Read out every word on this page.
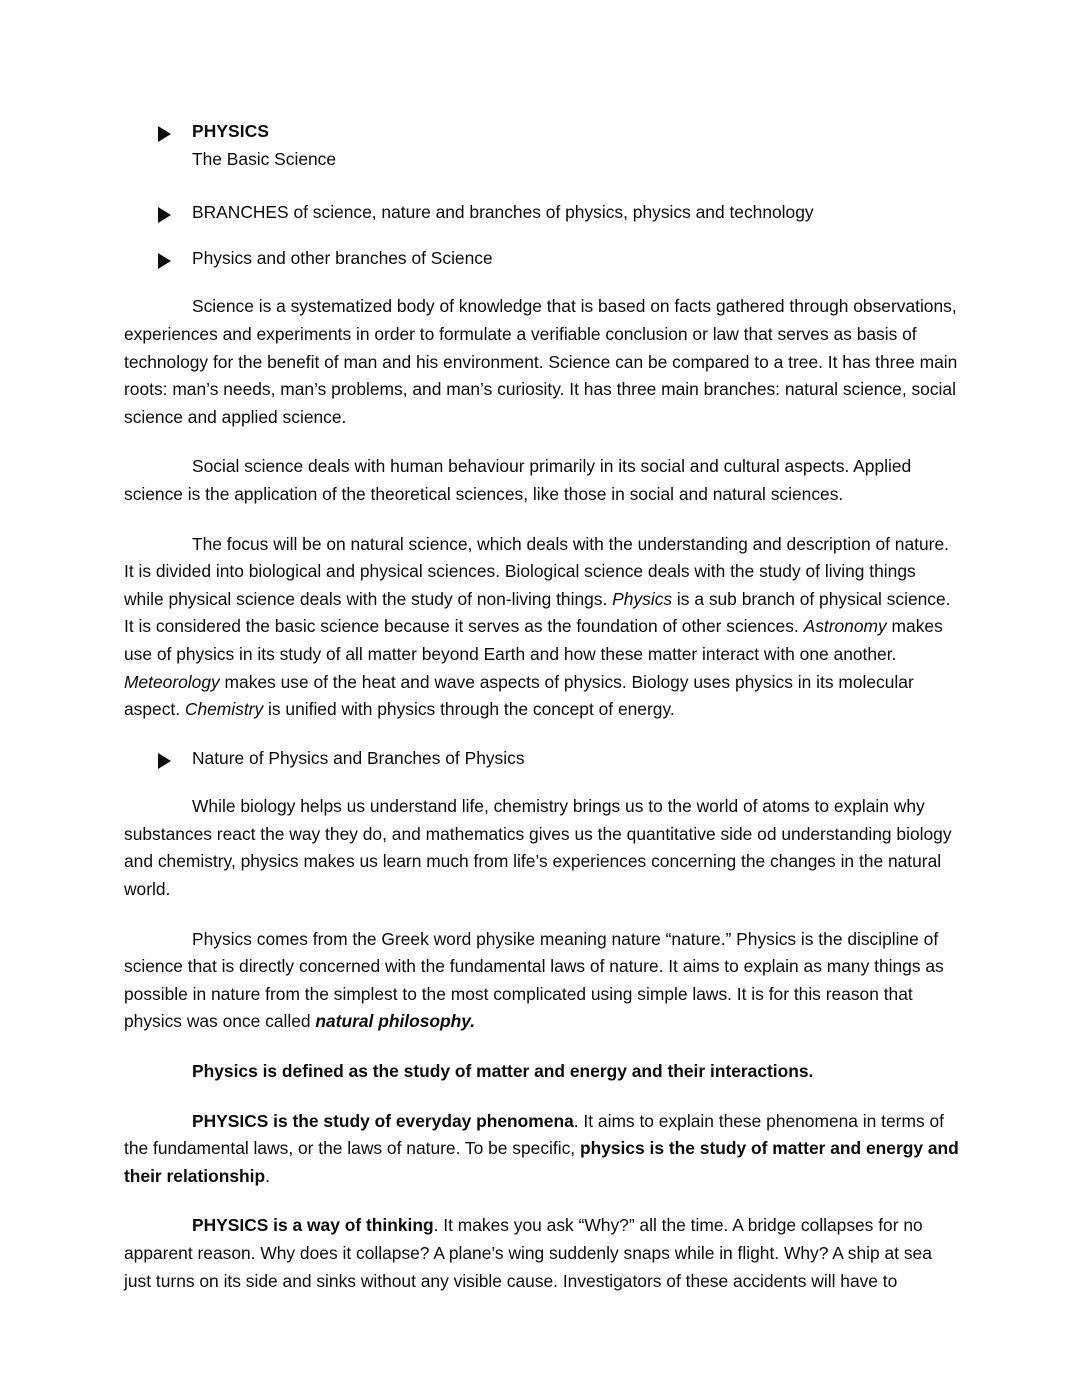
PHYSICS
The Basic Science
BRANCHES of science, nature and branches of physics, physics and technology
Physics and other branches of Science

Science is a systematized body of knowledge that is based on facts gathered through observations, experiences and experiments in order to formulate a verifiable conclusion or law that serves as basis of technology for the benefit of man and his environment. Science can be compared to a tree. It has three main roots: man’s needs, man’s problems, and man’s curiosity. It has three main branches: natural science, social science and applied science.

Social science deals with human behaviour primarily in its social and cultural aspects. Applied science is the application of the theoretical sciences, like those in social and natural sciences.

The focus will be on natural science, which deals with the understanding and description of nature. It is divided into biological and physical sciences. Biological science deals with the study of living things while physical science deals with the study of non-living things. Physics is a sub branch of physical science. It is considered the basic science because it serves as the foundation of other sciences. Astronomy makes use of physics in its study of all matter beyond Earth and how these matter interact with one another. Meteorology makes use of the heat and wave aspects of physics. Biology uses physics in its molecular aspect. Chemistry is unified with physics through the concept of energy.

Nature of Physics and Branches of Physics

While biology helps us understand life, chemistry brings us to the world of atoms to explain why substances react the way they do, and mathematics gives us the quantitative side od understanding biology and chemistry, physics makes us learn much from life’s experiences concerning the changes in the natural world.

Physics comes from the Greek word physike meaning nature “nature.” Physics is the discipline of science that is directly concerned with the fundamental laws of nature. It aims to explain as many things as possible in nature from the simplest to the most complicated using simple laws. It is for this reason that physics was once called natural philosophy.

Physics is defined as the study of matter and energy and their interactions.

PHYSICS is the study of everyday phenomena. It aims to explain these phenomena in terms of the fundamental laws, or the laws of nature. To be specific, physics is the study of matter and energy and their relationship.

PHYSICS is a way of thinking. It makes you ask “Why?” all the time. A bridge collapses for no apparent reason. Why does it collapse? A plane’s wing suddenly snaps while in flight. Why? A ship at sea just turns on its side and sinks without any visible cause. Investigators of these accidents will have to
